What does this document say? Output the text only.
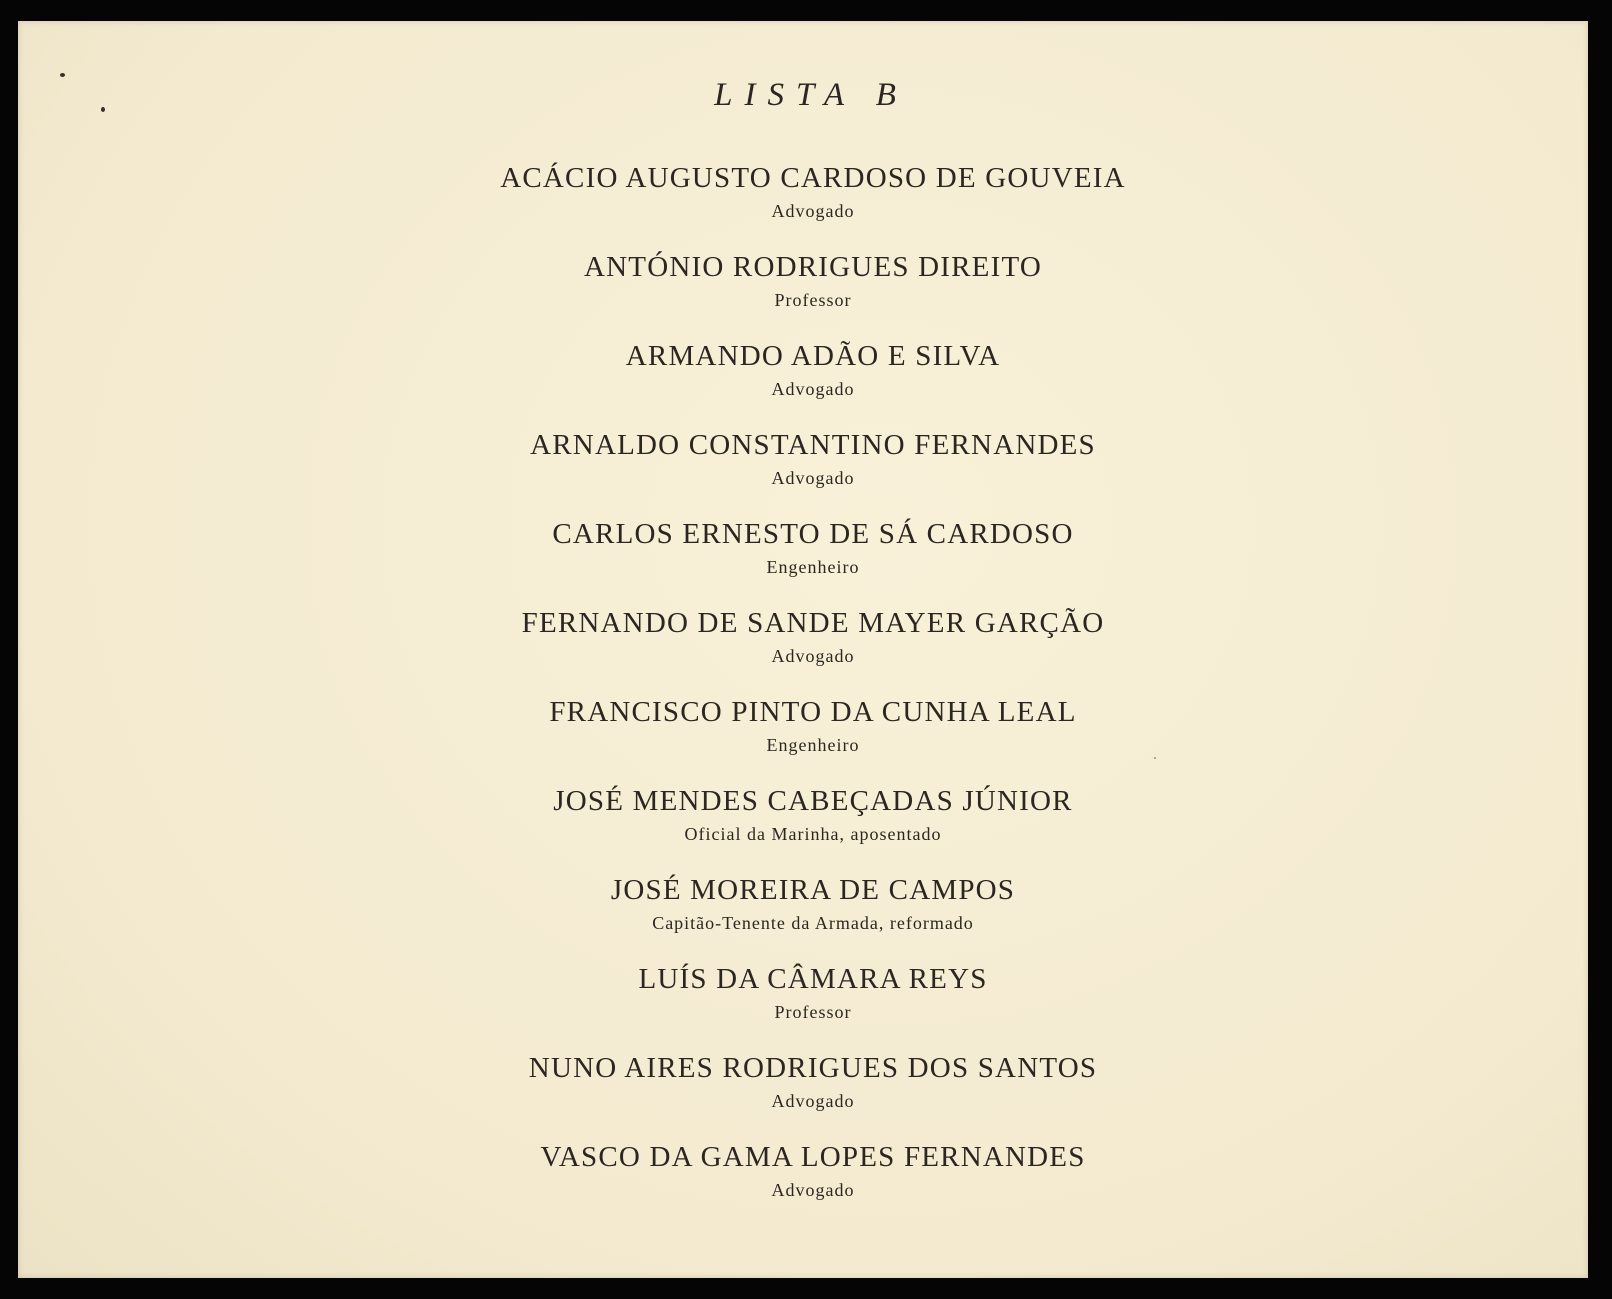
LISTA B
ACÁCIO AUGUSTO CARDOSO DE GOUVEIA
Advogado
ANTÓNIO RODRIGUES DIREITO
Professor
ARMANDO ADÃO E SILVA
Advogado
ARNALDO CONSTANTINO FERNANDES
Advogado
CARLOS ERNESTO DE SÁ CARDOSO
Engenheiro
FERNANDO DE SANDE MAYER GARÇÃO
Advogado
FRANCISCO PINTO DA CUNHA LEAL
Engenheiro
JOSÉ MENDES CABEÇADAS JÚNIOR
Oficial da Marinha, aposentado
JOSÉ MOREIRA DE CAMPOS
Capitão-Tenente da Armada, reformado
LUÍS DA CÂMARA REYS
Professor
NUNO AIRES RODRIGUES DOS SANTOS
Advogado
VASCO DA GAMA LOPES FERNANDES
Advogado
